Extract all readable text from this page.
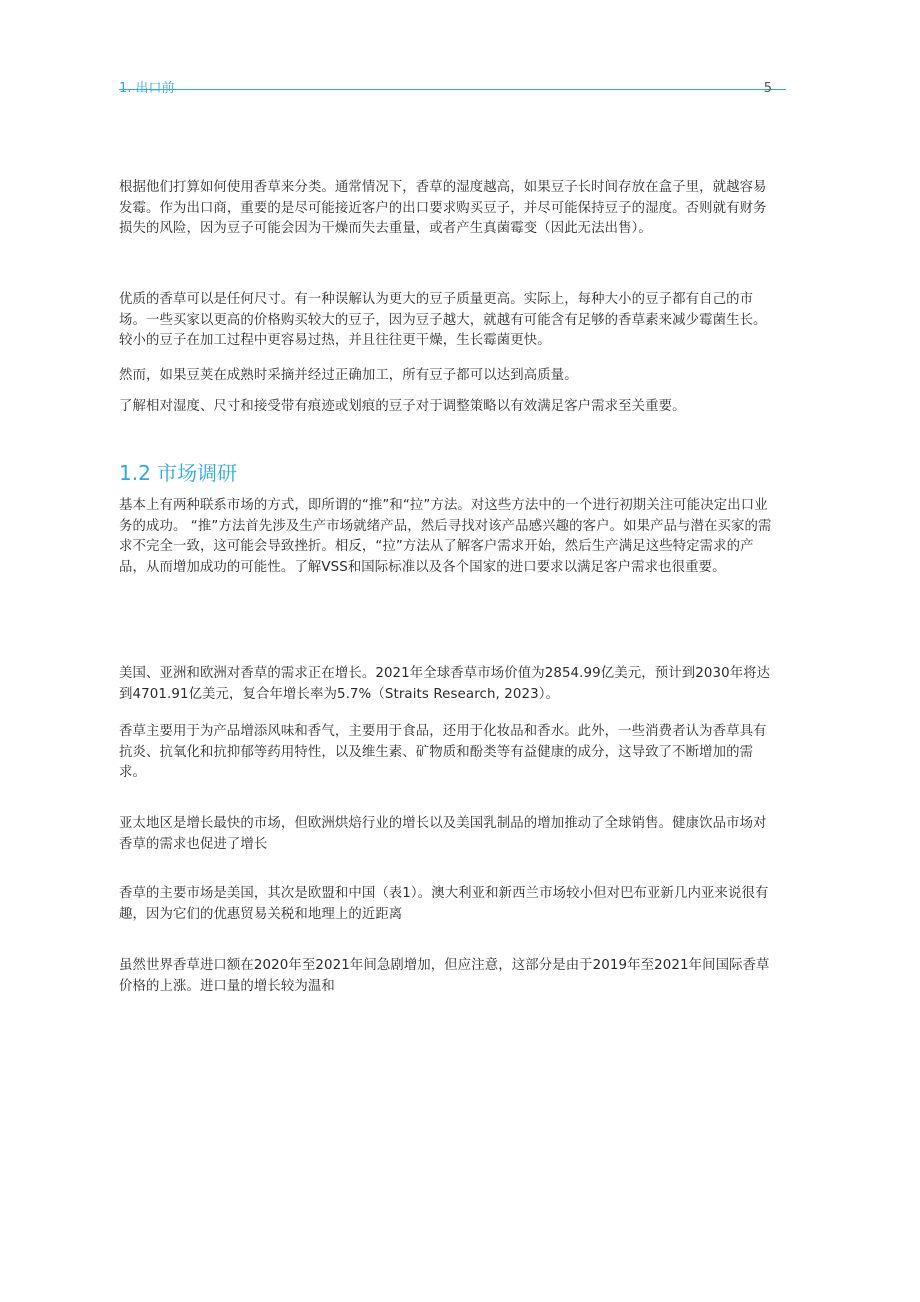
1. 出口前	5

根据他们打算如何使用香草来分类。通常情况下，香草的湿度越高，如果豆子长时间存放在盒子里，就越容易发霉。作为出口商，重要的是尽可能接近客户的出口要求购买豆子，并尽可能保持豆子的湿度。否则就有财务损失的风险，因为豆子可能会因为干燥而失去重量，或者产生真菌霉变（因此无法出售）。

优质的香草可以是任何尺寸。有一种误解认为更大的豆子质量更高。实际上，每种大小的豆子都有自己的市场。一些买家以更高的价格购买较大的豆子，因为豆子越大，就越有可能含有足够的香草素来减少霉菌生长。较小的豆子在加工过程中更容易过热，并且往往更干燥，生长霉菌更快。

然而，如果豆荚在成熟时采摘并经过正确加工，所有豆子都可以达到高质量。

了解相对湿度、尺寸和接受带有痕迹或划痕的豆子对于调整策略以有效满足客户需求至关重要。

1.2 市场调研

基本上有两种联系市场的方式，即所谓的“推”和“拉”方法。对这些方法中的一个进行初期关注可能决定出口业务的成功。 “推”方法首先涉及生产市场就绪产品，然后寻找对该产品感兴趣的客户。如果产品与潜在买家的需求不完全一致，这可能会导致挫折。相反，“拉”方法从了解客户需求开始，然后生产满足这些特定需求的产品，从而增加成功的可能性。了解VSS和国际标准以及各个国家的进口要求以满足客户需求也很重要。

美国、亚洲和欧洲对香草的需求正在增长。2021年全球香草市场价值为2854.99亿美元，预计到2030年将达到4701.91亿美元，复合年增长率为5.7%（Straits Research, 2023）。

香草主要用于为产品增添风味和香气，主要用于食品，还用于化妆品和香水。此外，一些消费者认为香草具有抗炎、抗氧化和抗抑郁等药用特性，以及维生素、矿物质和酚类等有益健康的成分，这导致了不断增加的需求。

亚太地区是增长最快的市场，但欧洲烘焙行业的增长以及美国乳制品的增加推动了全球销售。健康饮品市场对香草的需求也促进了增长

香草的主要市场是美国，其次是欧盟和中国（表1）。澳大利亚和新西兰市场较小但对巴布亚新几内亚来说很有趣，因为它们的优惠贸易关税和地理上的近距离

虽然世界香草进口额在2020年至2021年间急剧增加，但应注意，这部分是由于2019年至2021年间国际香草价格的上涨。进口量的增长较为温和
